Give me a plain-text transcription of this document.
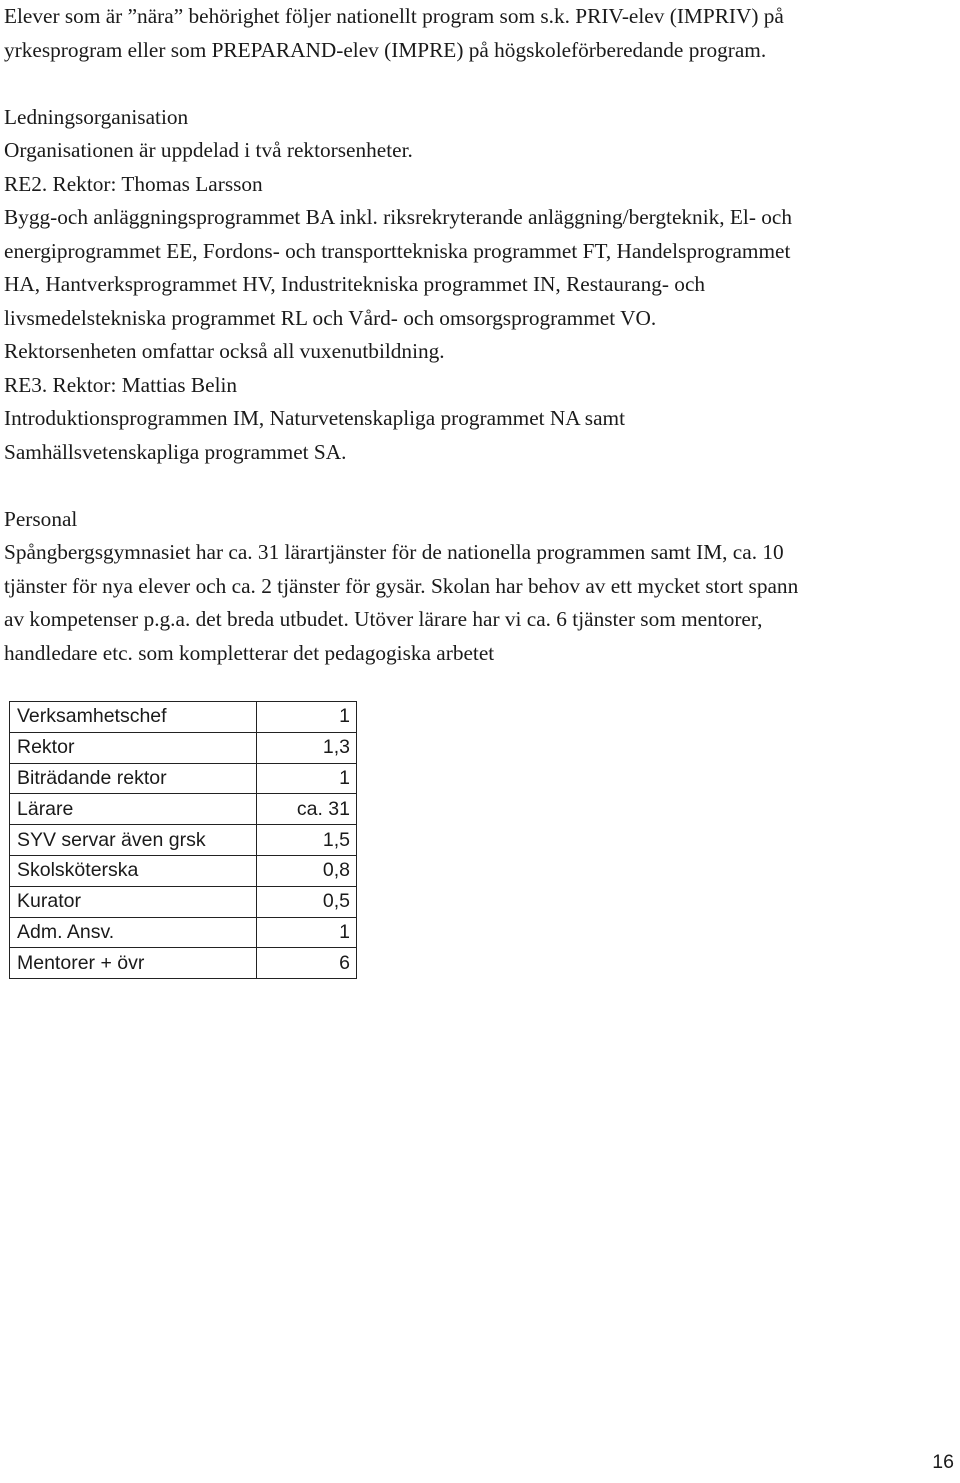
Elever som är ”nära” behörighet följer nationellt program som s.k. PRIV-elev (IMPRIV) på
yrkesprogram eller som PREPARAND-elev (IMPRE) på högskoleförberedande program.

Ledningsorganisation
Organisationen är uppdelad i två rektorsenheter.
RE2. Rektor: Thomas Larsson
Bygg-och anläggningsprogrammet BA inkl. riksrekryterande anläggning/bergteknik, El- och
energiprogrammet EE, Fordons- och transporttekniska programmet FT, Handelsprogrammet
HA, Hantverksprogrammet HV, Industritekniska programmet IN, Restaurang- och
livsmedelstekniska programmet RL och Vård- och omsorgsprogrammet VO.
Rektorsenheten omfattar också all vuxenutbildning.
RE3. Rektor: Mattias Belin
Introduktionsprogrammen IM, Naturvetenskapliga programmet NA samt
Samhällsvetenskapliga programmet SA.

Personal
Spångbergsgymnasiet har ca. 31 lärartjänster för de nationella programmen samt IM, ca. 10
tjänster för nya elever och ca. 2 tjänster för gysär. Skolan har behov av ett mycket stort spann
av kompetenser p.g.a. det breda utbudet. Utöver lärare har vi ca. 6 tjänster som mentorer,
handledare etc. som kompletterar det pedagogiska arbetet

Verksamhetschef	1
Rektor	1,3
Biträdande rektor	1
Lärare	ca. 31
SYV servar även grsk	1,5
Skolsköterska	0,8
Kurator	0,5
Adm. Ansv.	1
Mentorer + övr	6
16
